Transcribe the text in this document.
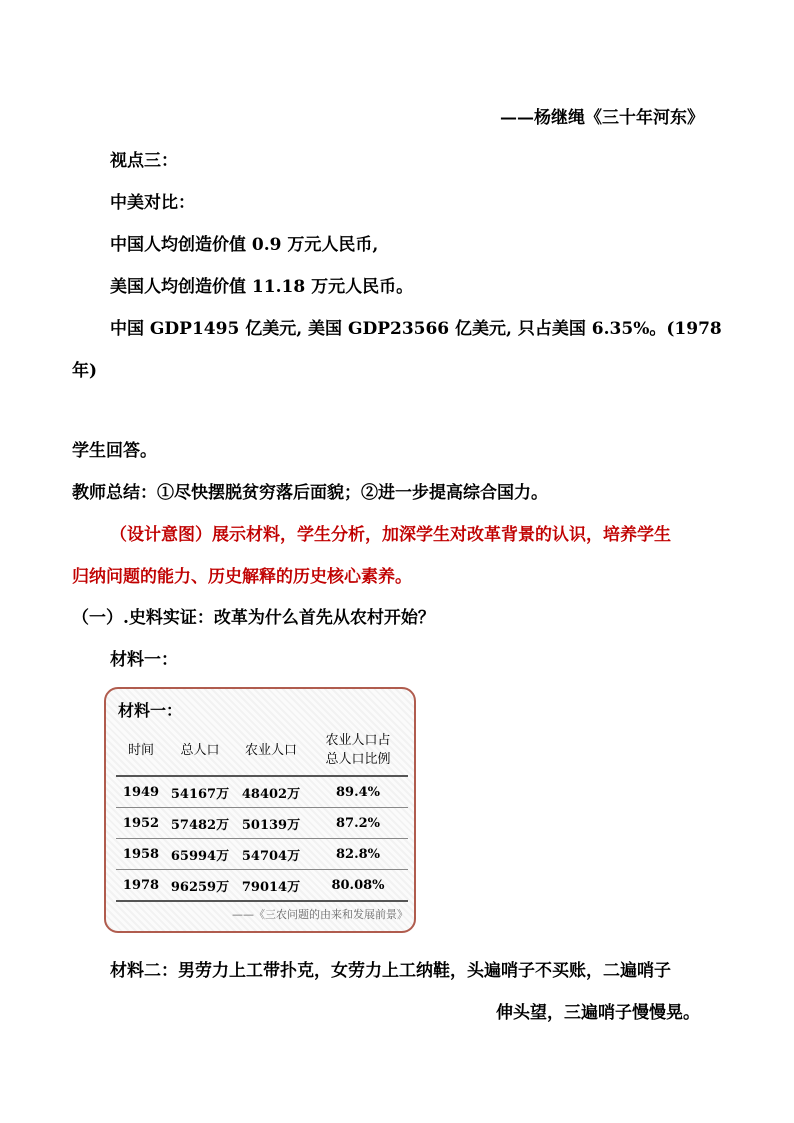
——杨继绳《三十年河东》
视点三：
中美对比：
中国人均创造价值 0.9 万元人民币,
美国人均创造价值 11.18 万元人民币。
中国 GDP1495 亿美元, 美国 GDP23566 亿美元, 只占美国 6.35%。(1978
年)
学生回答。
教师总结：①尽快摆脱贫穷落后面貌；②进一步提高综合国力。
（设计意图）展示材料，学生分析，加深学生对改革背景的认识，培养学生
归纳问题的能力、历史解释的历史核心素养。
（一）.史料实证：改革为什么首先从农村开始？
材料一：
材料一：
时间	总人口	农业人口	农业人口占
总人口比例
1949	54167万	48402万	89.4%
1952	57482万	50139万	87.2%
1958	65994万	54704万	82.8%
1978	96259万	79014万	80.08%
——《三农问题的由来和发展前景》
材料二：男劳力上工带扑克，女劳力上工纳鞋，头遍哨子不买账，二遍哨子
伸头望，三遍哨子慢慢晃。
